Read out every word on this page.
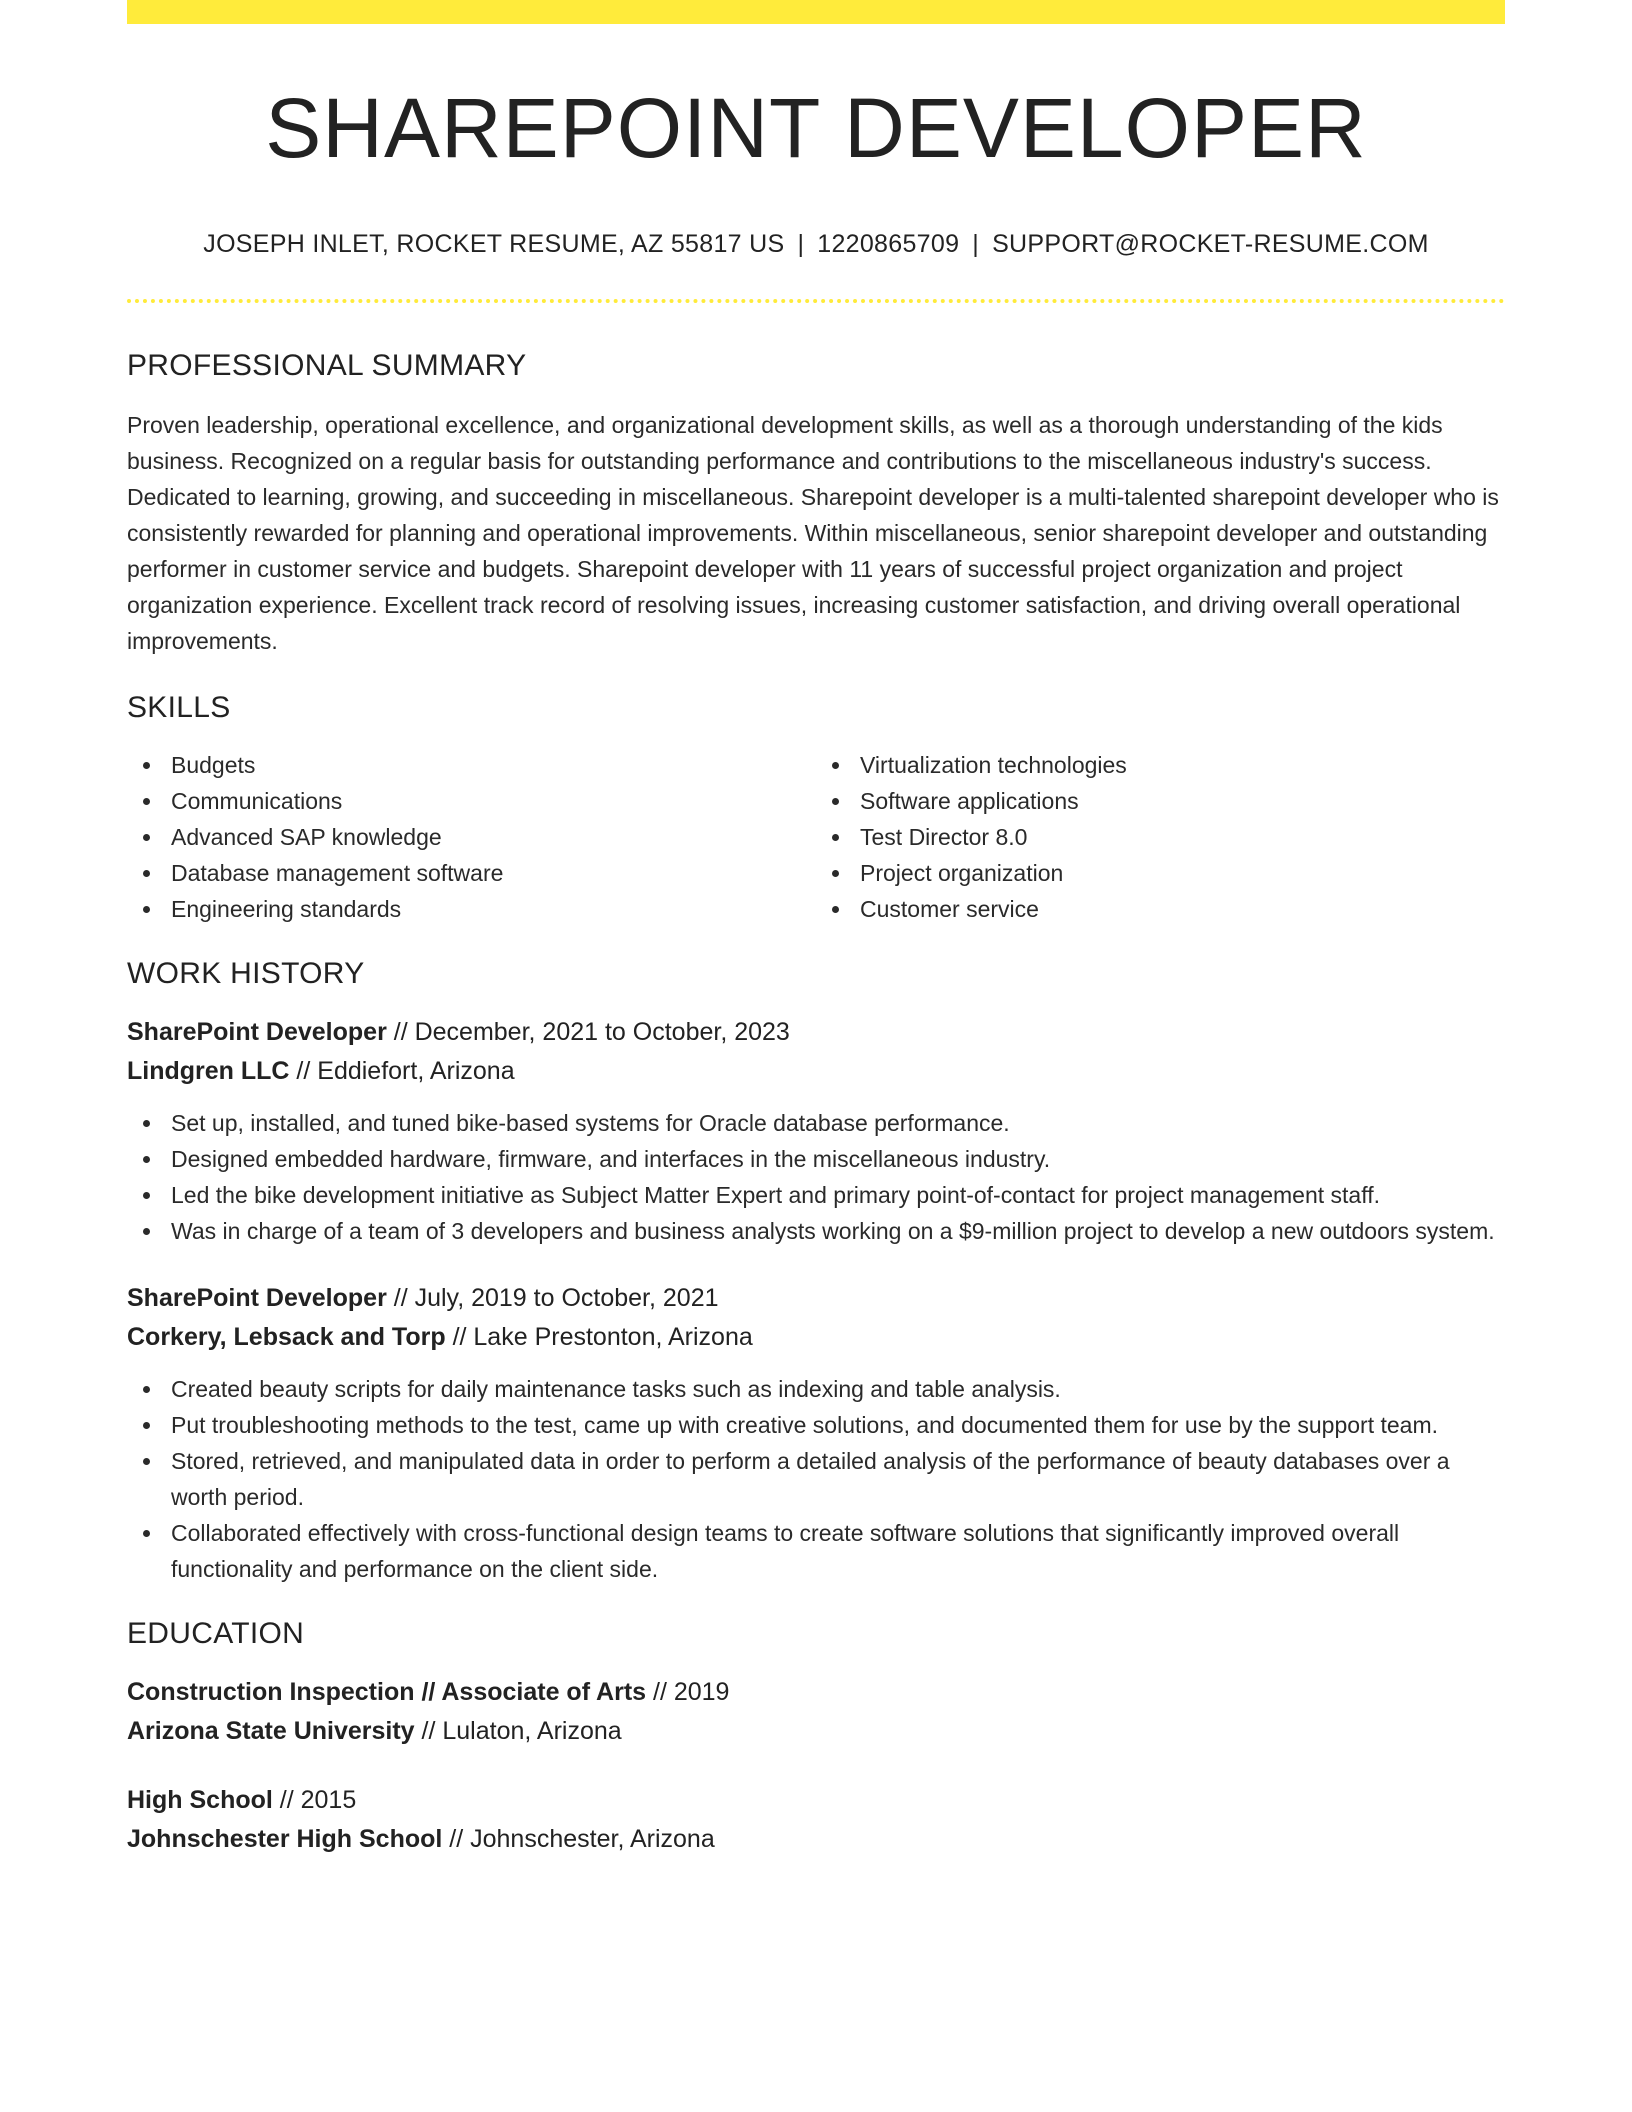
SHAREPOINT DEVELOPER
JOSEPH INLET, ROCKET RESUME, AZ 55817 US | 1220865709 | SUPPORT@ROCKET-RESUME.COM
PROFESSIONAL SUMMARY

Proven leadership, operational excellence, and organizational development skills, as well as a thorough understanding of the kids business. Recognized on a regular basis for outstanding performance and contributions to the miscellaneous industry's success. Dedicated to learning, growing, and succeeding in miscellaneous. Sharepoint developer is a multi-talented sharepoint developer who is consistently rewarded for planning and operational improvements. Within miscellaneous, senior sharepoint developer and outstanding performer in customer service and budgets. Sharepoint developer with 11 years of successful project organization and project organization experience. Excellent track record of resolving issues, increasing customer satisfaction, and driving overall operational improvements.

SKILLS
Budgets
Communications
Advanced SAP knowledge
Database management software
Engineering standards
Virtualization technologies
Software applications
Test Director 8.0
Project organization
Customer service
WORK HISTORY
SharePoint Developer // December, 2021 to October, 2023
Lindgren LLC // Eddiefort, Arizona
Set up, installed, and tuned bike-based systems for Oracle database performance.
Designed embedded hardware, firmware, and interfaces in the miscellaneous industry.
Led the bike development initiative as Subject Matter Expert and primary point-of-contact for project management staff.
Was in charge of a team of 3 developers and business analysts working on a $9-million project to develop a new outdoors system.
SharePoint Developer // July, 2019 to October, 2021
Corkery, Lebsack and Torp // Lake Prestonton, Arizona
Created beauty scripts for daily maintenance tasks such as indexing and table analysis.
Put troubleshooting methods to the test, came up with creative solutions, and documented them for use by the support team.
Stored, retrieved, and manipulated data in order to perform a detailed analysis of the performance of beauty databases over a worth period.
Collaborated effectively with cross-functional design teams to create software solutions that significantly improved overall functionality and performance on the client side.
EDUCATION
Construction Inspection // Associate of Arts // 2019
Arizona State University // Lulaton, Arizona
High School // 2015
Johnschester High School // Johnschester, Arizona
